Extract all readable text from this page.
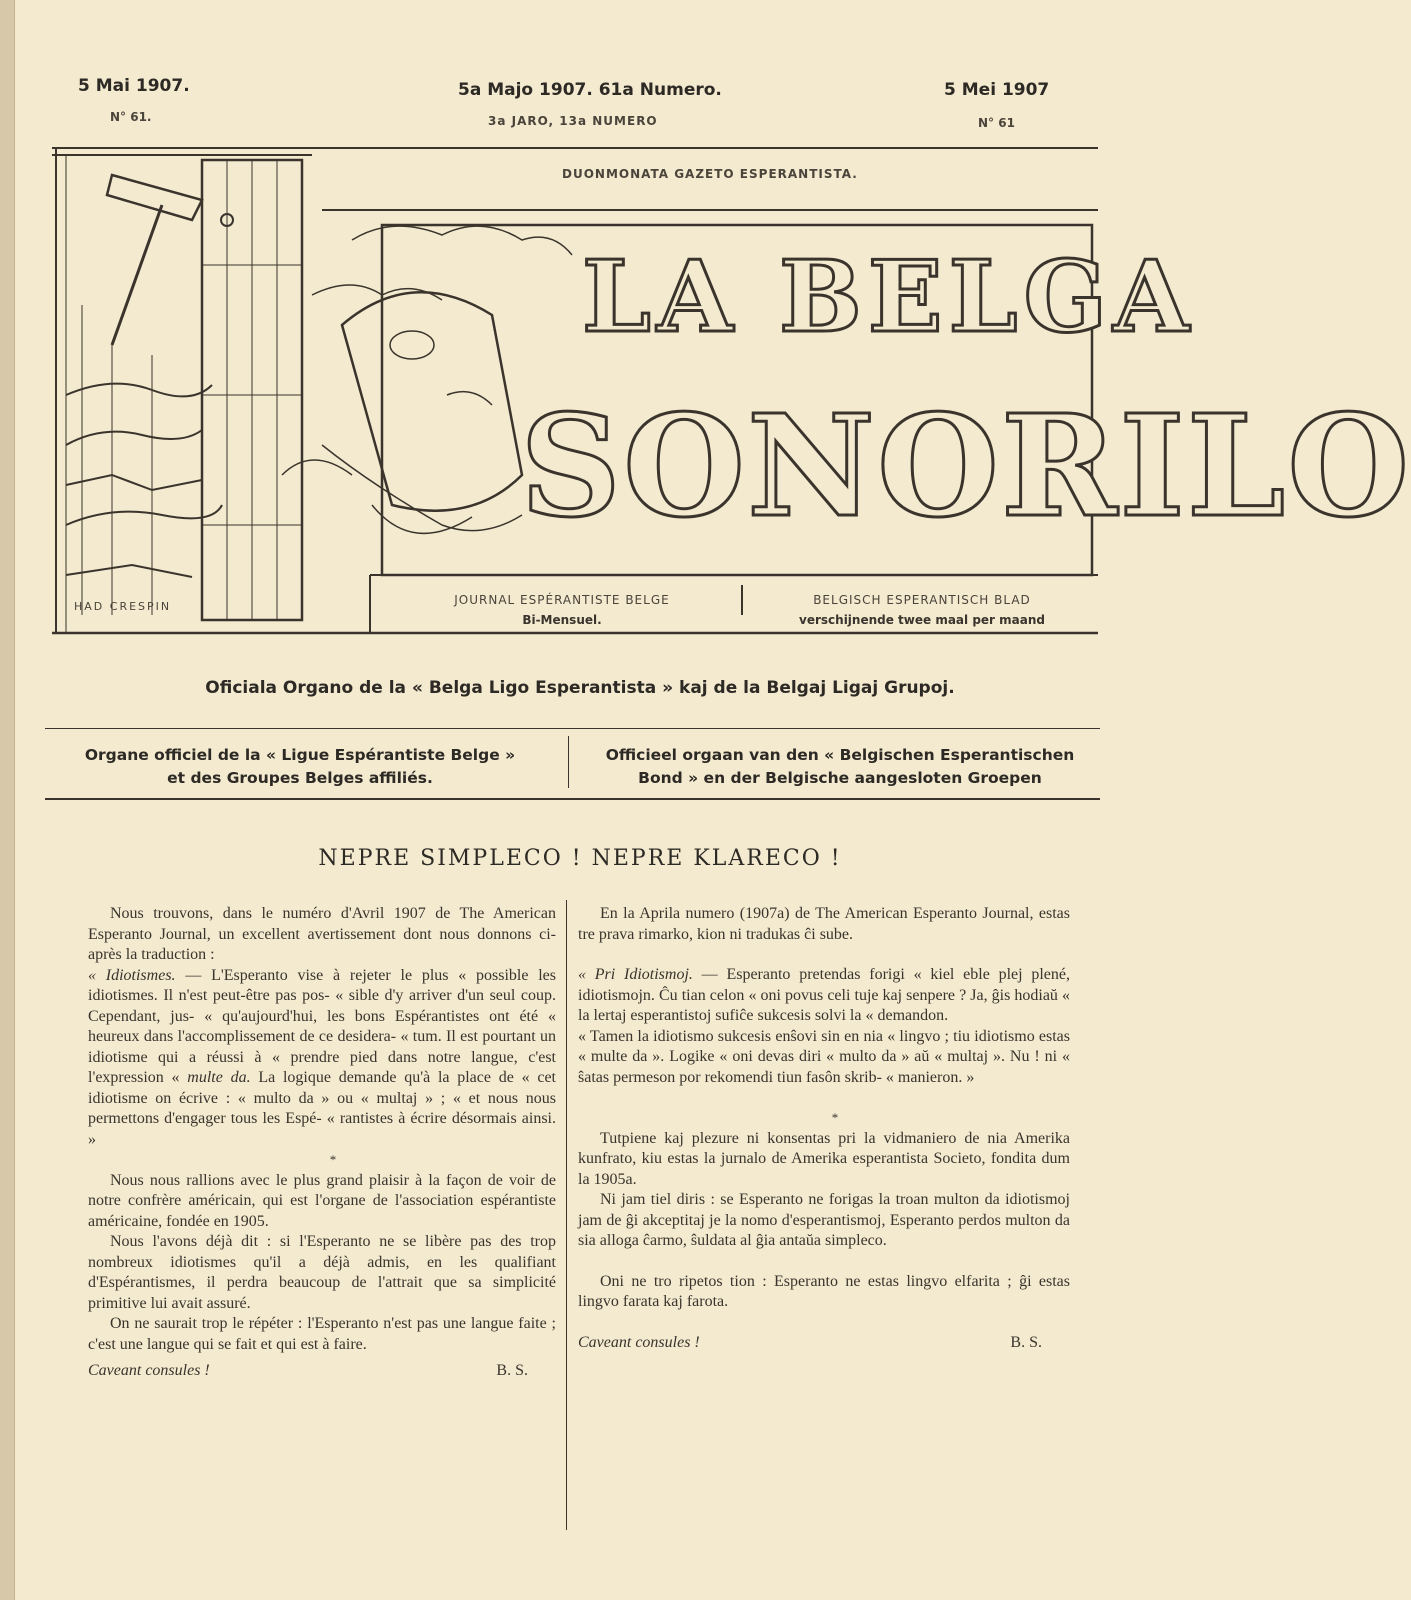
5 Mai 1907.
N° 61.
5a Majo 1907. 61a Numero.
3a JARO, 13a NUMERO
5 Mei 1907
N° 61
DUONMONATA GAZETO ESPERANTISTA.
HAD CRESPIN	JOURNAL ESPÉRANTISTE BELGE
Bi-Mensuel.
BELGISCH ESPERANTISCH BLAD
verschijnende twee maal per maand
LA BELGA
SONORILO
Oficiala Organo de la « Belga Ligo Esperantista » kaj de la Belgaj Ligaj Grupoj.
Organe officiel de la « Ligue Espérantiste Belge »
et des Groupes Belges affiliés.
Officieel orgaan van den « Belgischen Esperantischen
Bond » en der Belgische aangesloten Groepen
NEPRE SIMPLECO ! NEPRE KLARECO !

Nous trouvons, dans le numéro d'Avril 1907 de The American Esperanto Journal, un excellent avertissement dont nous donnons ci-après la traduction :

« Idiotismes. — L'Esperanto vise à rejeter le plus « possible les idiotismes. Il n'est peut-être pas pos- « sible d'y arriver d'un seul coup. Cependant, jus- « qu'aujourd'hui, les bons Espérantistes ont été « heureux dans l'accomplissement de ce desidera- « tum. Il est pourtant un idiotisme qui a réussi à « prendre pied dans notre langue, c'est l'expression « multe da. La logique demande qu'à la place de « cet idiotisme on écrive : « multo da » ou « multaj » ; « et nous nous permettons d'engager tous les Espé- « rantistes à écrire désormais ainsi. »

*

Nous nous rallions avec le plus grand plaisir à la façon de voir de notre confrère américain, qui est l'organe de l'association espérantiste américaine, fondée en 1905.

Nous l'avons déjà dit : si l'Esperanto ne se libère pas des trop nombreux idiotismes qu'il a déjà admis, en les qualifiant d'Espérantismes, il perdra beaucoup de l'attrait que sa simplicité primitive lui avait assuré.

On ne saurait trop le répéter : l'Esperanto n'est pas une langue faite ; c'est une langue qui se fait et qui est à faire.

Caveant consules !	B. S.

En la Aprila numero (1907a) de The American Esperanto Journal, estas tre prava rimarko, kion ni tradukas ĉi sube.

« Pri Idiotismoj. — Esperanto pretendas forigi « kiel eble plej plené, idiotismojn. Ĉu tian celon « oni povus celi tuje kaj senpere ? Ja, ĝis hodiaŭ « la lertaj esperantistoj sufiĉe sukcesis solvi la « demandon.

« Tamen la idiotismo sukcesis enŝovi sin en nia « lingvo ; tiu idiotismo estas « multe da ». Logike « oni devas diri « multo da » aŭ « multaj ». Nu ! ni « ŝatas permeson por rekomendi tiun fasôn skrib- « manieron. »

*

Tutpiene kaj plezure ni konsentas pri la vidmaniero de nia Amerika kunfrato, kiu estas la jurnalo de Amerika esperantista Societo, fondita dum la 1905a.

Ni jam tiel diris : se Esperanto ne forigas la troan multon da idiotismoj jam de ĝi akceptitaj je la nomo d'esperantismoj, Esperanto perdos multon da sia alloga ĉarmo, ŝuldata al ĝia antaŭa simpleco.

Oni ne tro ripetos tion : Esperanto ne estas lingvo elfarita ; ĝi estas lingvo farata kaj farota.

Caveant consules !	B. S.
